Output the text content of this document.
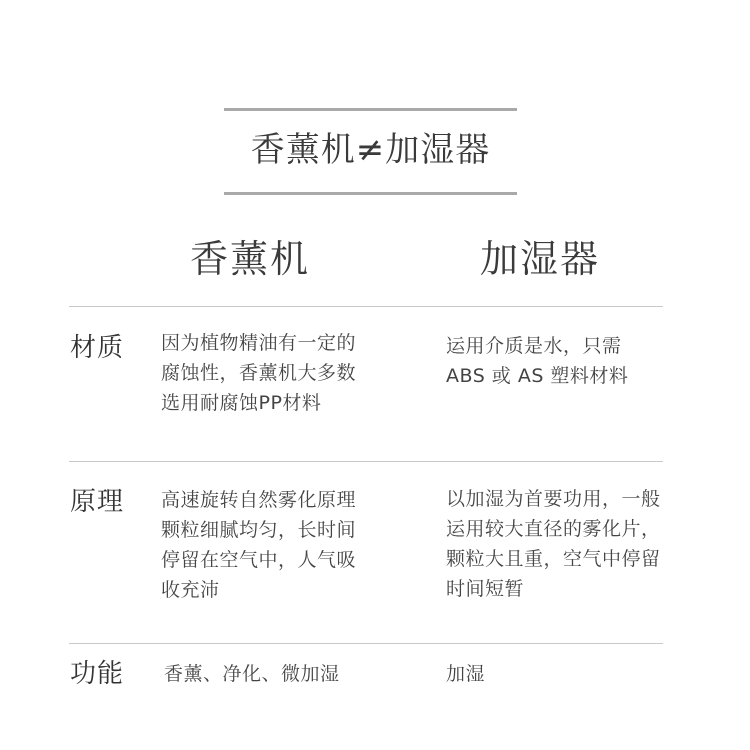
香薰机≠加湿器
香薰机	加湿器
材质 因为植物精油有一定的
腐蚀性，香薰机大多数
选用耐腐蚀PP材料
运用介质是水，只需
ABS 或 AS 塑料材料
原理 高速旋转自然雾化原理
颗粒细腻均匀，长时间
停留在空气中，人气吸
收充沛
以加湿为首要功用，一般
运用较大直径的雾化片，
颗粒大且重，空气中停留
时间短暂
功能 香薰、净化、微加湿	加湿
